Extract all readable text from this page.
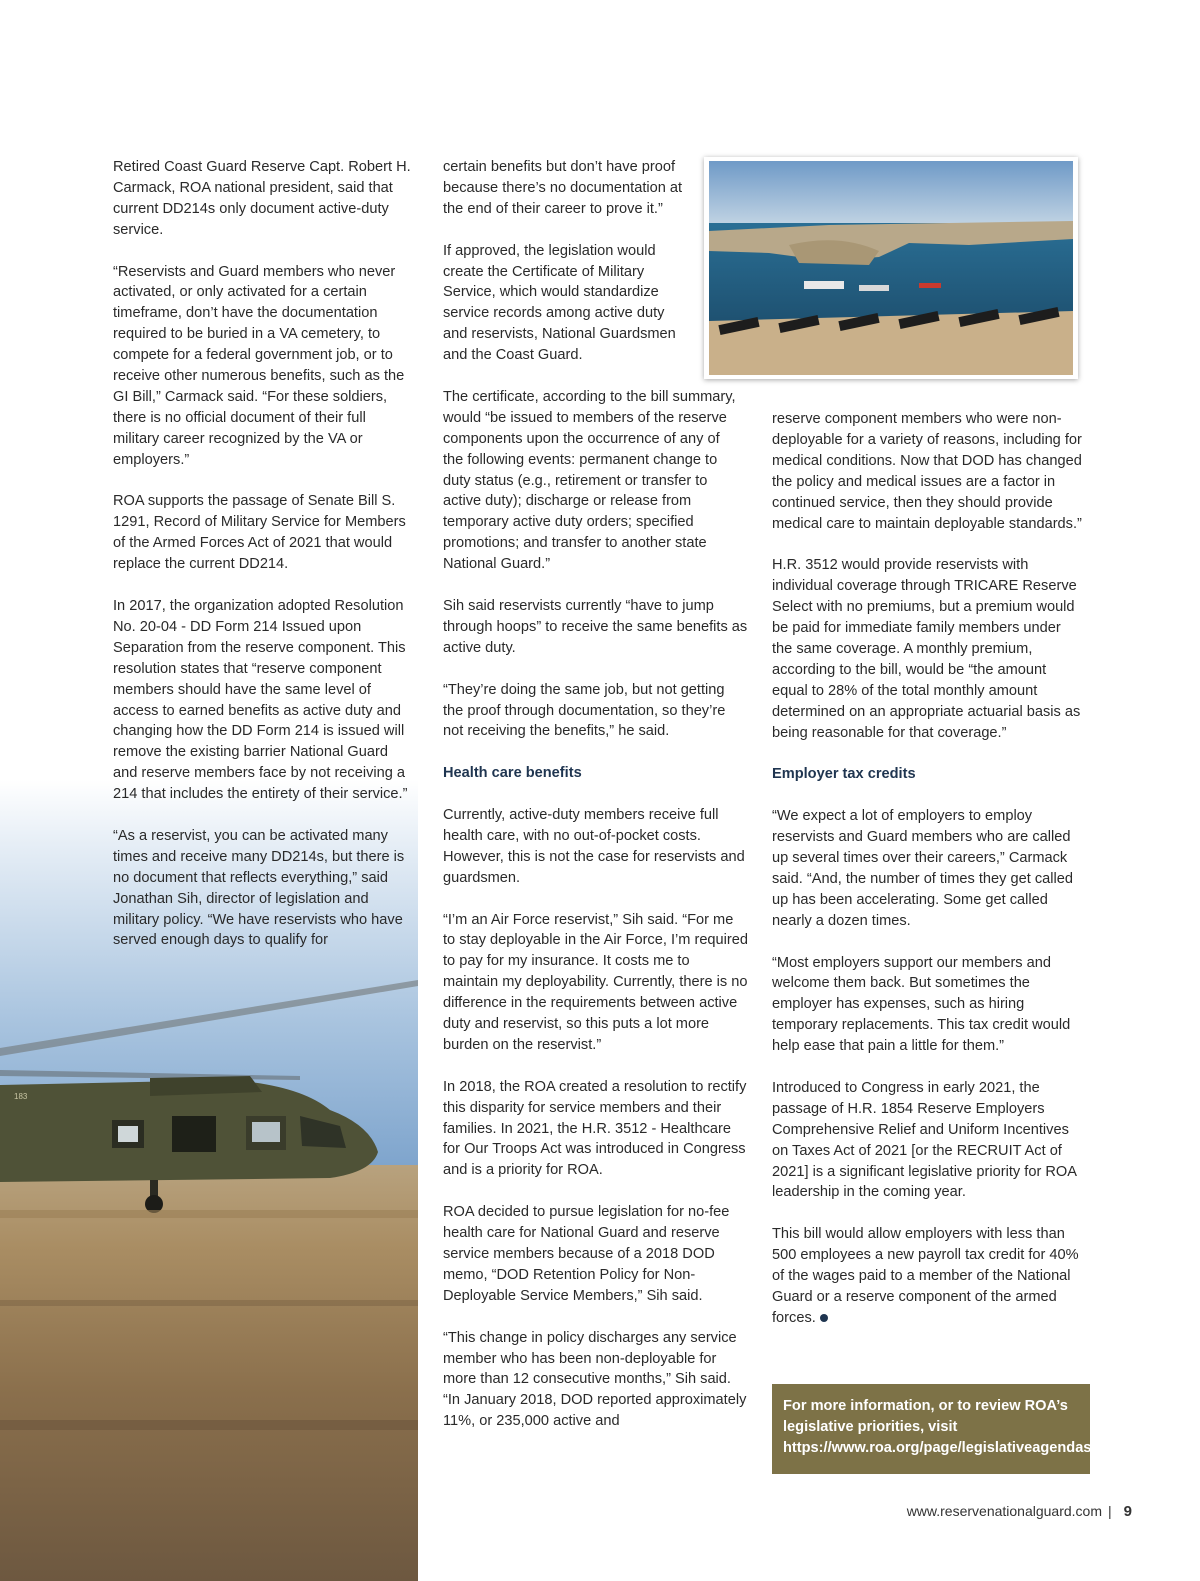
183

Retired Coast Guard Reserve Capt. Robert H. Carmack, ROA national president, said that current DD214s only document active-duty service.

“Reservists and Guard members who never activated, or only activated for a certain timeframe, don’t have the documentation required to be buried in a VA cemetery, to compete for a federal government job, or to receive other numerous benefits, such as the GI Bill,” Carmack said. “For these soldiers, there is no official document of their full military career recognized by the VA or employers.”

ROA supports the passage of Senate Bill S. 1291, Record of Military Service for Members of the Armed Forces Act of 2021 that would replace the current DD214.

In 2017, the organization adopted Resolution No. 20-04 - DD Form 214 Issued upon Separation from the reserve component. This resolution states that “reserve component members should have the same level of access to earned benefits as active duty and changing how the DD Form 214 is issued will remove the existing barrier National Guard and reserve members face by not receiving a 214 that includes the entirety of their service.”

“As a reservist, you can be activated many times and receive many DD214s, but there is no document that reflects everything,” said Jonathan Sih, director of legislation and military policy. “We have reservists who have served enough days to qualify for

certain benefits but don’t have proof because there’s no documentation at the end of their career to prove it.”

If approved, the legislation would create the Certificate of Military Service, which would standardize service records among active duty and reservists, National Guardsmen and the Coast Guard.

The certificate, according to the bill summary, would “be issued to members of the reserve components upon the occurrence of any of the following events: permanent change to duty status (e.g., retirement or transfer to active duty); discharge or release from temporary active duty orders; specified promotions; and transfer to another state National Guard.”

Sih said reservists currently “have to jump through hoops” to receive the same benefits as active duty.

“They’re doing the same job, but not getting the proof through documentation, so they’re not receiving the benefits,” he said.

Health care benefits

Currently, active-duty members receive full health care, with no out-of-pocket costs. However, this is not the case for reservists and guardsmen.

“I’m an Air Force reservist,” Sih said. “For me to stay deployable in the Air Force, I’m required to pay for my insurance. It costs me to maintain my deployability. Currently, there is no difference in the requirements between active duty and reservist, so this puts a lot more burden on the reservist.”

In 2018, the ROA created a resolution to rectify this disparity for service members and their families. In 2021, the H.R. 3512 - Healthcare for Our Troops Act was introduced in Congress and is a priority for ROA.

ROA decided to pursue legislation for no-fee health care for National Guard and reserve service members because of a 2018 DOD memo, “DOD Retention Policy for Non-Deployable Service Members,” Sih said.

“This change in policy discharges any service member who has been non-deployable for more than 12 consecutive months,” Sih said. “In January 2018, DOD reported approximately 11%, or 235,000 active and

reserve component members who were non-deployable for a variety of reasons, including for medical conditions. Now that DOD has changed the policy and medical issues are a factor in continued service, then they should provide medical care to maintain deployable standards.”

H.R. 3512 would provide reservists with individual coverage through TRICARE Reserve Select with no premiums, but a premium would be paid for immediate family members under the same coverage. A monthly premium, according to the bill, would be “the amount equal to 28% of the total monthly amount determined on an appropriate actuarial basis as being reasonable for that coverage.”

Employer tax credits

“We expect a lot of employers to employ reservists and Guard members who are called up several times over their careers,” Carmack said. “And, the number of times they get called up has been accelerating. Some get called nearly a dozen times.

“Most employers support our members and welcome them back. But sometimes the employer has expenses, such as hiring temporary replacements. This tax credit would help ease that pain a little for them.”

Introduced to Congress in early 2021, the passage of H.R. 1854 Reserve Employers Comprehensive Relief and Uniform Incentives on Taxes Act of 2021 [or the RECRUIT Act of 2021] is a significant legislative priority for ROA leadership in the coming year.

This bill would allow employers with less than 500 employees a new payroll tax credit for 40% of the wages paid to a member of the National Guard or a reserve component of the armed forces.

For more information, or to review ROA’s legislative priorities, visit https://www.roa.org/page/legislativeagendas.
www.reservenationalguard.com | 9
